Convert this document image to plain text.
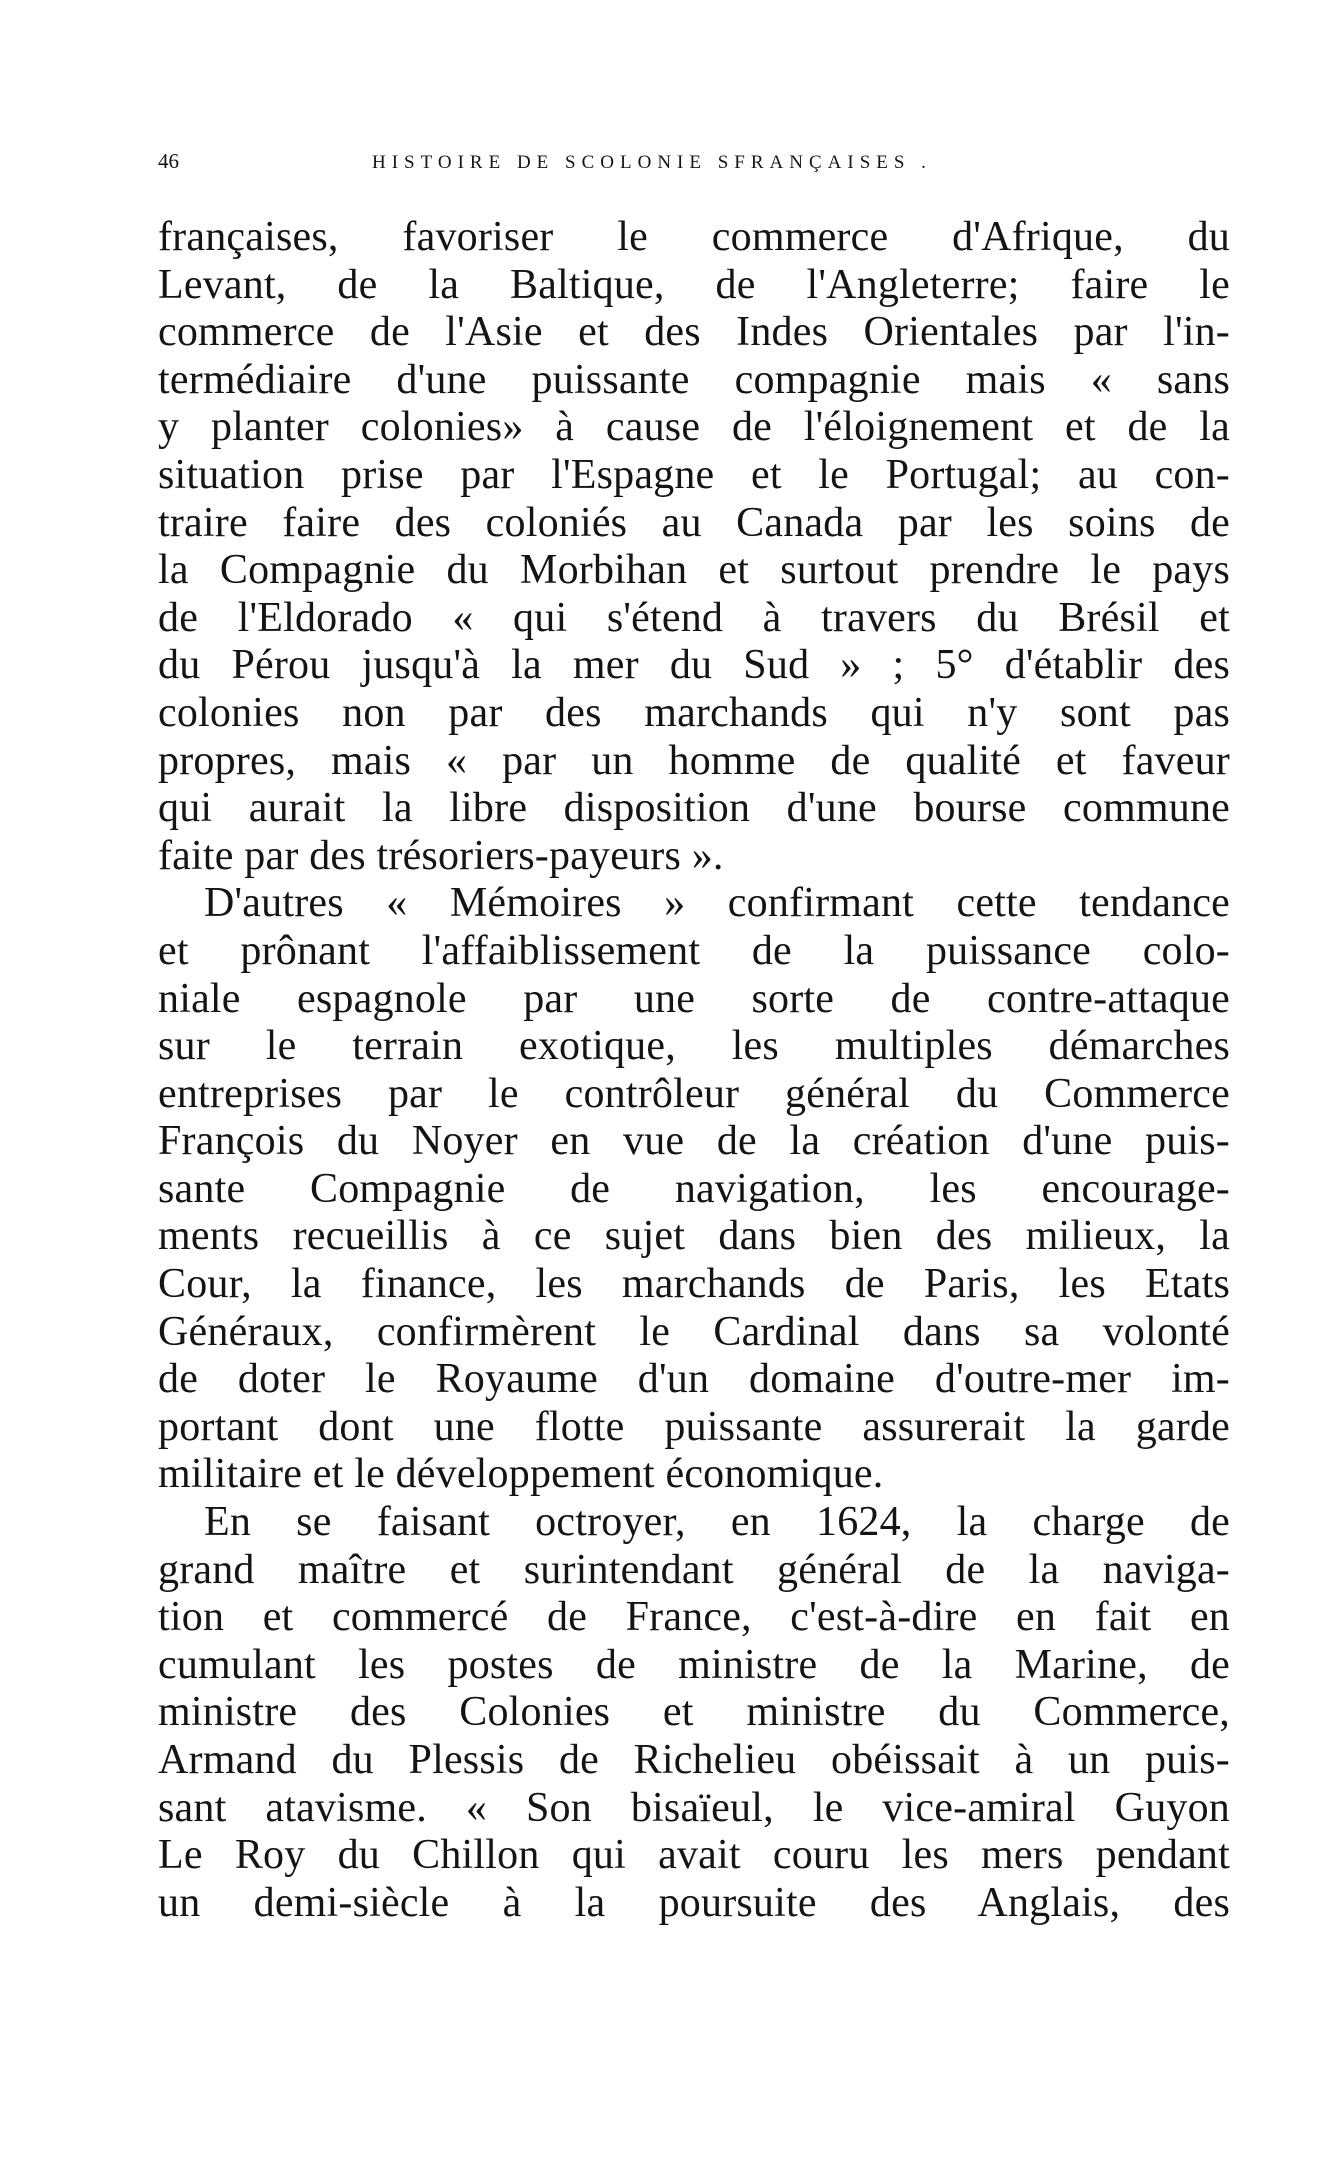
46	HISTOIRE DE SCOLONIE SFRANÇAISES .
françaises, favoriser le commerce d'Afrique, du
Levant, de la Baltique, de l'Angleterre; faire le
commerce de l'Asie et des Indes Orientales par l'in-
termédiaire d'une puissante compagnie mais « sans
y planter colonies» à cause de l'éloignement et de la
situation prise par l'Espagne et le Portugal; au con-
traire faire des coloniés au Canada par les soins de
la Compagnie du Morbihan et surtout prendre le pays
de l'Eldorado « qui s'étend à travers du Brésil et
du Pérou jusqu'à la mer du Sud » ; 5° d'établir des
colonies non par des marchands qui n'y sont pas
propres, mais « par un homme de qualité et faveur
qui aurait la libre disposition d'une bourse commune
faite par des trésoriers-payeurs ».
D'autres « Mémoires » confirmant cette tendance
et prônant l'affaiblissement de la puissance colo-
niale espagnole par une sorte de contre-attaque
sur le terrain exotique, les multiples démarches
entreprises par le contrôleur général du Commerce
François du Noyer en vue de la création d'une puis-
sante Compagnie de navigation, les encourage-
ments recueillis à ce sujet dans bien des milieux, la
Cour, la finance, les marchands de Paris, les Etats
Généraux, confirmèrent le Cardinal dans sa volonté
de doter le Royaume d'un domaine d'outre-mer im-
portant dont une flotte puissante assurerait la garde
militaire et le développement économique.
En se faisant octroyer, en 1624, la charge de
grand maître et surintendant général de la naviga-
tion et commercé de France, c'est-à-dire en fait en
cumulant les postes de ministre de la Marine, de
ministre des Colonies et ministre du Commerce,
Armand du Plessis de Richelieu obéissait à un puis-
sant atavisme. « Son bisaïeul, le vice-amiral Guyon
Le Roy du Chillon qui avait couru les mers pendant
un demi-siècle à la poursuite des Anglais, des
